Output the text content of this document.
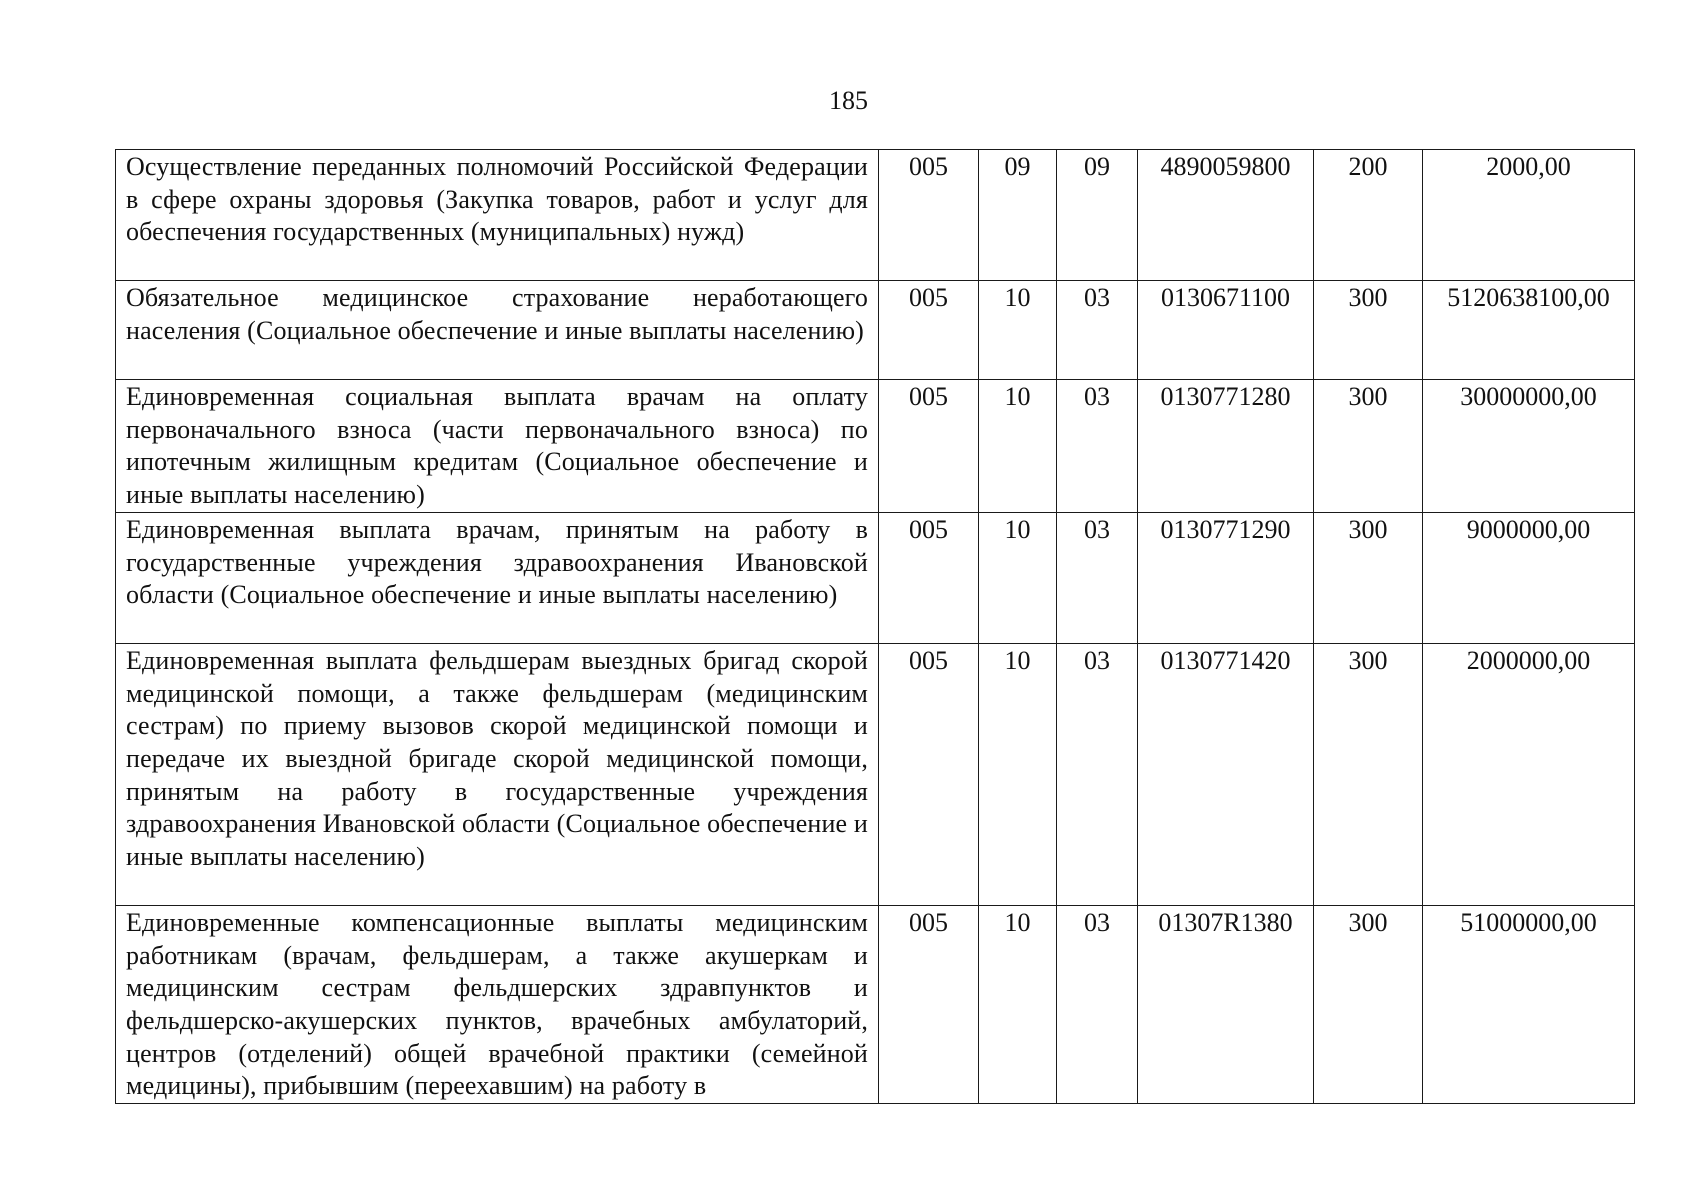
185
Осуществление переданных полномочий Российской Федерации в сфере охраны здоровья (Закупка товаров, работ и услуг для обеспечения государственных (муниципальных) нужд)	005	09	09	4890059800	200	2000,00
Обязательное медицинское страхование неработающего населения (Социальное обеспечение и иные выплаты населению)	005	10	03	0130671100	300	5120638100,00
Единовременная социальная выплата врачам на оплату первоначального взноса (части первоначального взноса) по ипотечным жилищным кредитам (Социальное обеспечение и иные выплаты населению)	005	10	03	0130771280	300	30000000,00
Единовременная выплата врачам, принятым на работу в государственные учреждения здравоохранения Ивановской области (Социальное обеспечение и иные выплаты населению)	005	10	03	0130771290	300	9000000,00
Единовременная выплата фельдшерам выездных бригад скорой медицинской помощи, а также фельдшерам (медицинским сестрам) по приему вызовов скорой медицинской помощи и передаче их выездной бригаде скорой медицинской помощи, принятым на работу в государственные учреждения здравоохранения Ивановской области (Социальное обеспечение и иные выплаты населению)	005	10	03	0130771420	300	2000000,00
Единовременные компенсационные выплаты медицинским работникам (врачам, фельдшерам, а также акушеркам и медицинским сестрам фельдшерских здравпунктов и фельдшерско-акушерских пунктов, врачебных амбулаторий, центров (отделений) общей врачебной практики (семейной медицины), прибывшим (переехавшим) на работу в	005	10	03	01307R1380	300	51000000,00
